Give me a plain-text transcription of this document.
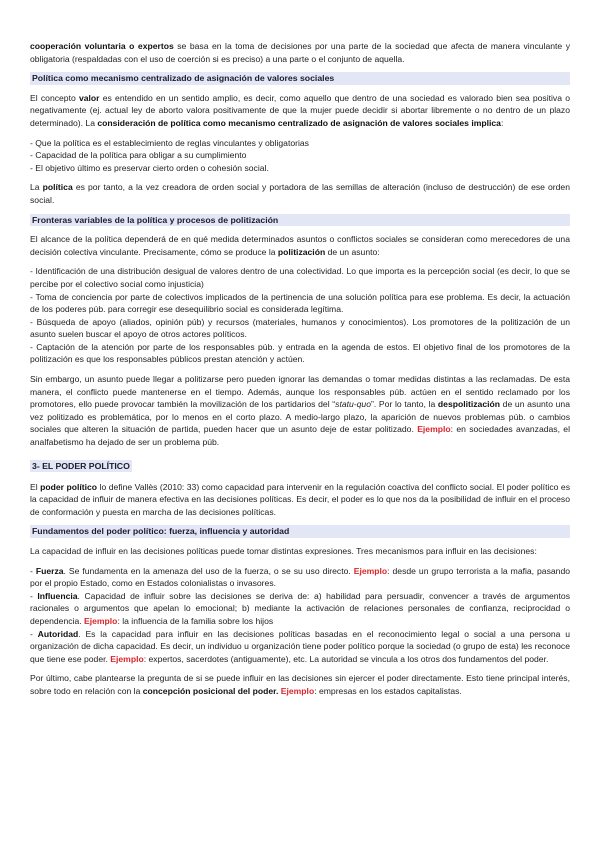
cooperación voluntaria o expertos se basa en la toma de decisiones por una parte de la sociedad que afecta de manera vinculante y obligatoria (respaldadas con el uso de coerción si es preciso) a una parte o el conjunto de aquella.

Política como mecanismo centralizado de asignación de valores sociales

El concepto valor es entendido en un sentido amplio, es decir, como aquello que dentro de una sociedad es valorado bien sea positiva o negativamente (ej. actual ley de aborto valora positivamente de que la mujer puede decidir si abortar libremente o no dentro de un plazo determinado). La consideración de política como mecanismo centralizado de asignación de valores sociales implica:

- Que la política es el establecimiento de reglas vinculantes y obligatorias
- Capacidad de la política para obligar a su cumplimiento
- El objetivo último es preservar cierto orden o cohesión social.

La política es por tanto, a la vez creadora de orden social y portadora de las semillas de alteración (incluso de destrucción) de ese orden social.

Fronteras variables de la política y procesos de politización

El alcance de la política dependerá de en qué medida determinados asuntos o conflictos sociales se consideran como merecedores de una decisión colectiva vinculante. Precisamente, cómo se produce la politización de un asunto:

- Identificación de una distribución desigual de valores dentro de una colectividad. Lo que importa es la percepción social (es decir, lo que se percibe por el colectivo social como injusticia)

- Toma de conciencia por parte de colectivos implicados de la pertinencia de una solución política para ese problema. Es decir, la actuación de los poderes púb. para corregir ese desequilibrio social es considerada legítima.

- Búsqueda de apoyo (aliados, opinión púb) y recursos (materiales, humanos y conocimientos). Los promotores de la politización de un asunto suelen buscar el apoyo de otros actores políticos.

- Captación de la atención por parte de los responsables púb. y entrada en la agenda de estos. El objetivo final de los promotores de la politización es que los responsables públicos prestan atención y actúen.

Sin embargo, un asunto puede llegar a politizarse pero pueden ignorar las demandas o tomar medidas distintas a las reclamadas. De esta manera, el conflicto puede mantenerse en el tiempo. Además, aunque los responsables púb. actúen en el sentido reclamado por los promotores, ello puede provocar también la movilización de los partidarios del “statu-quo”. Por lo tanto, la despolitización de un asunto una vez politizado es problemática, por lo menos en el corto plazo. A medio-largo plazo, la aparición de nuevos problemas púb. o cambios sociales que alteren la situación de partida, pueden hacer que un asunto deje de estar politizado. Ejemplo: en sociedades avanzadas, el analfabetismo ha dejado de ser un problema púb.

3- EL PODER POLÍTICO

El poder político lo define Vallès (2010: 33) como capacidad para intervenir en la regulación coactiva del conflicto social. El poder político es la capacidad de influir de manera efectiva en las decisiones políticas. Es decir, el poder es lo que nos da la posibilidad de influir en el proceso de conformación y puesta en marcha de las decisiones políticas.

Fundamentos del poder político: fuerza, influencia y autoridad

La capacidad de influir en las decisiones políticas puede tomar distintas expresiones. Tres mecanismos para influir en las decisiones:

- Fuerza. Se fundamenta en la amenaza del uso de la fuerza, o se su uso directo. Ejemplo: desde un grupo terrorista a la mafia, pasando por el propio Estado, como en Estados colonialistas o invasores.

- Influencia. Capacidad de influir sobre las decisiones se deriva de: a) habilidad para persuadir, convencer a través de argumentos racionales o argumentos que apelan lo emocional; b) mediante la activación de relaciones personales de confianza, reciprocidad o dependencia. Ejemplo: la influencia de la familia sobre los hijos

- Autoridad. Es la capacidad para influir en las decisiones políticas basadas en el reconocimiento legal o social a una persona u organización de dicha capacidad. Es decir, un individuo u organización tiene poder político porque la sociedad (o grupo de esta) les reconoce que tiene ese poder. Ejemplo: expertos, sacerdotes (antiguamente), etc. La autoridad se vincula a los otros dos fundamentos del poder.

Por último, cabe plantearse la pregunta de si se puede influir en las decisiones sin ejercer el poder directamente. Esto tiene principal interés, sobre todo en relación con la concepción posicional del poder. Ejemplo: empresas en los estados capitalistas.
